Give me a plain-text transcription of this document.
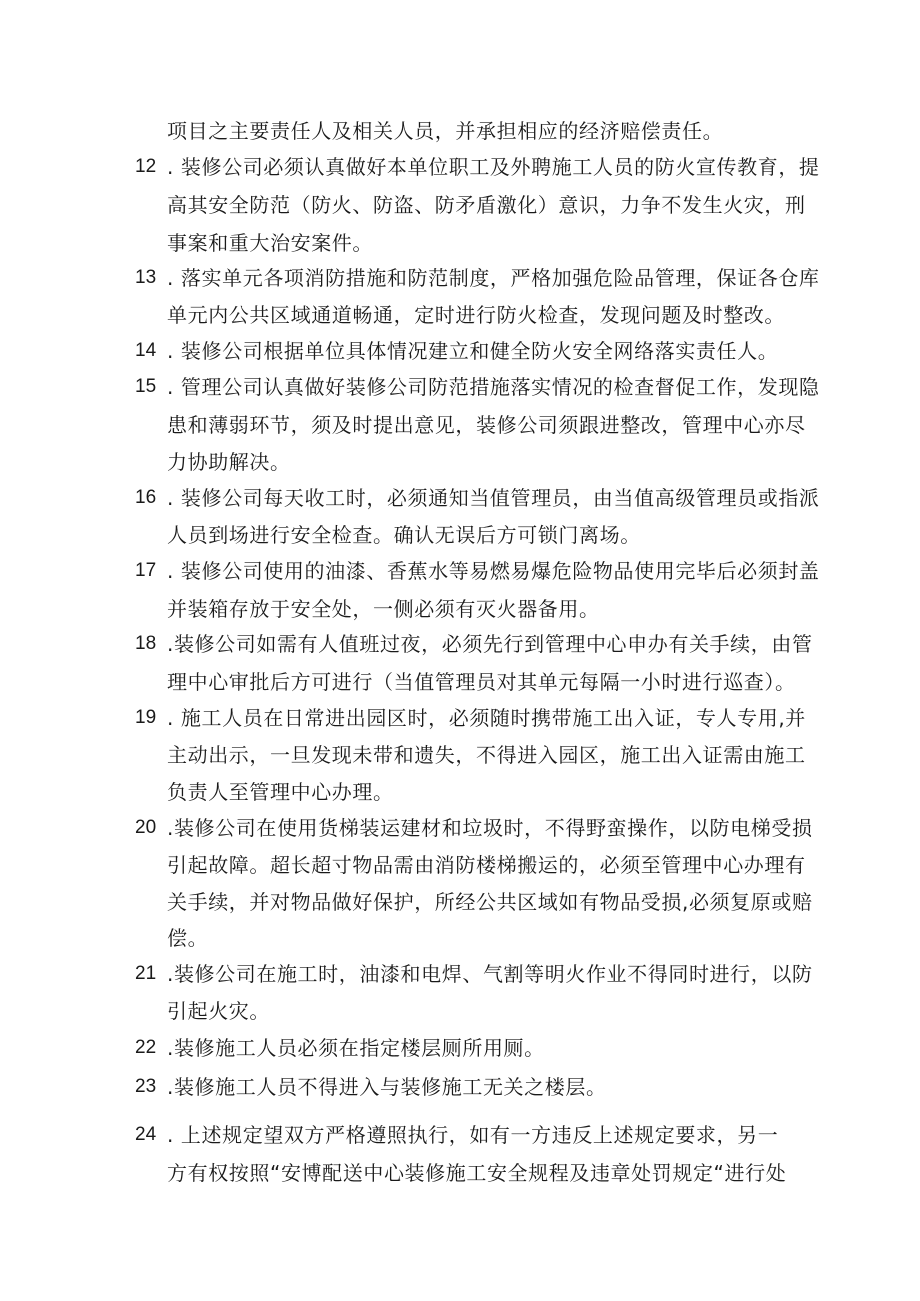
项目之主要责任人及相关人员，并承担相应的经济赔偿责任。
12 . 装修公司必须认真做好本单位职工及外聘施工人员的防火宣传教育，提
高其安全防范（防火、防盗、防矛盾激化）意识，力争不发生火灾，刑
事案和重大治安案件。
13 . 落实单元各项消防措施和防范制度，严格加强危险品管理，保证各仓库
单元内公共区域通道畅通，定时进行防火检查，发现问题及时整改。
14 . 装修公司根据单位具体情况建立和健全防火安全网络落实责任人。
15 . 管理公司认真做好装修公司防范措施落实情况的检查督促工作，发现隐
患和薄弱环节，须及时提出意见，装修公司须跟进整改，管理中心亦尽
力协助解决。
16 . 装修公司每天收工时，必须通知当值管理员，由当值高级管理员或指派
人员到场进行安全检查。确认无误后方可锁门离场。
17 . 装修公司使用的油漆、香蕉水等易燃易爆危险物品使用完毕后必须封盖
并装箱存放于安全处，一侧必须有灭火器备用。
18 .装修公司如需有人值班过夜，必须先行到管理中心申办有关手续，由管
理中心审批后方可进行（当值管理员对其单元每隔一小时进行巡查）。
19 . 施工人员在日常进出园区时，必须随时携带施工出入证，专人专用,并
主动出示，一旦发现未带和遗失，不得进入园区，施工出入证需由施工
负责人至管理中心办理。
20 .装修公司在使用货梯装运建材和垃圾时，不得野蛮操作，以防电梯受损
引起故障。超长超寸物品需由消防楼梯搬运的，必须至管理中心办理有
关手续，并对物品做好保护，所经公共区域如有物品受损,必须复原或赔
偿。
21 .装修公司在施工时，油漆和电焊、气割等明火作业不得同时进行，以防
引起火灾。
22 .装修施工人员必须在指定楼层厕所用厕。
23 .装修施工人员不得进入与装修施工无关之楼层。
24 . 上述规定望双方严格遵照执行，如有一方违反上述规定要求，另一
方有权按照“安博配送中心装修施工安全规程及违章处罚规定“进行处
